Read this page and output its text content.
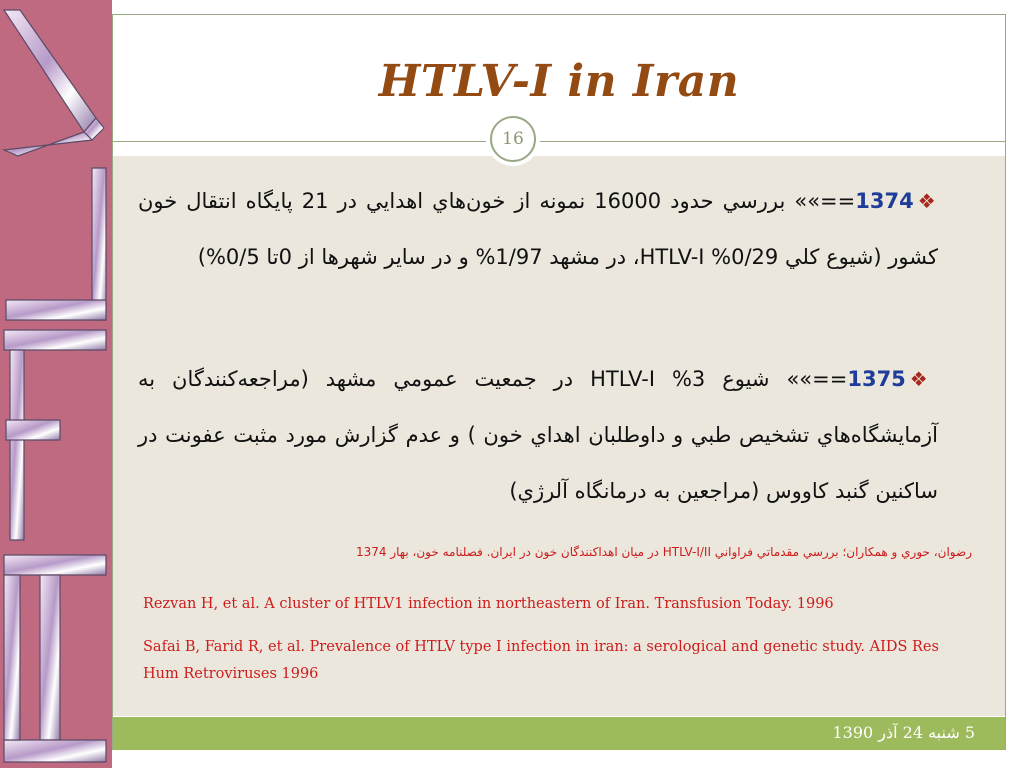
HTLV-I in Iran
16
❖1374==»» بررسي حدود 16000 نمونه از خون‌هاي اهدايي در 21 پايگاه انتقال خون كشور (شيوع كلي HTLV-I %0/29، در مشهد 1/97% و در ساير شهرها از 0تا 0/5%)
❖1375==»» شيوع 3% HTLV-I در جمعيت عمومي مشهد (مراجعه‌كنندگان به آزمايشگاه‌هاي تشخيص طبي و داوطلبان اهداي خون ) و عدم گزارش مورد مثبت عفونت در ساكنين گنبد كاووس (مراجعين به درمانگاه آلرژي)
رضوان، حوري و همكاران؛ بررسي مقدماتي فراواني HTLV-I/II در ميان اهداكنندگان خون در ايران. فصلنامه خون، بهار 1374
Rezvan H, et al. A cluster of HTLV1 infection in northeastern of Iran. Transfusion Today. 1996
Safai B, Farid R, et al. Prevalence of HTLV type I infection in iran: a serological and genetic study. AIDS Res Hum Retroviruses 1996
5 شنبه 24 آذر 1390
